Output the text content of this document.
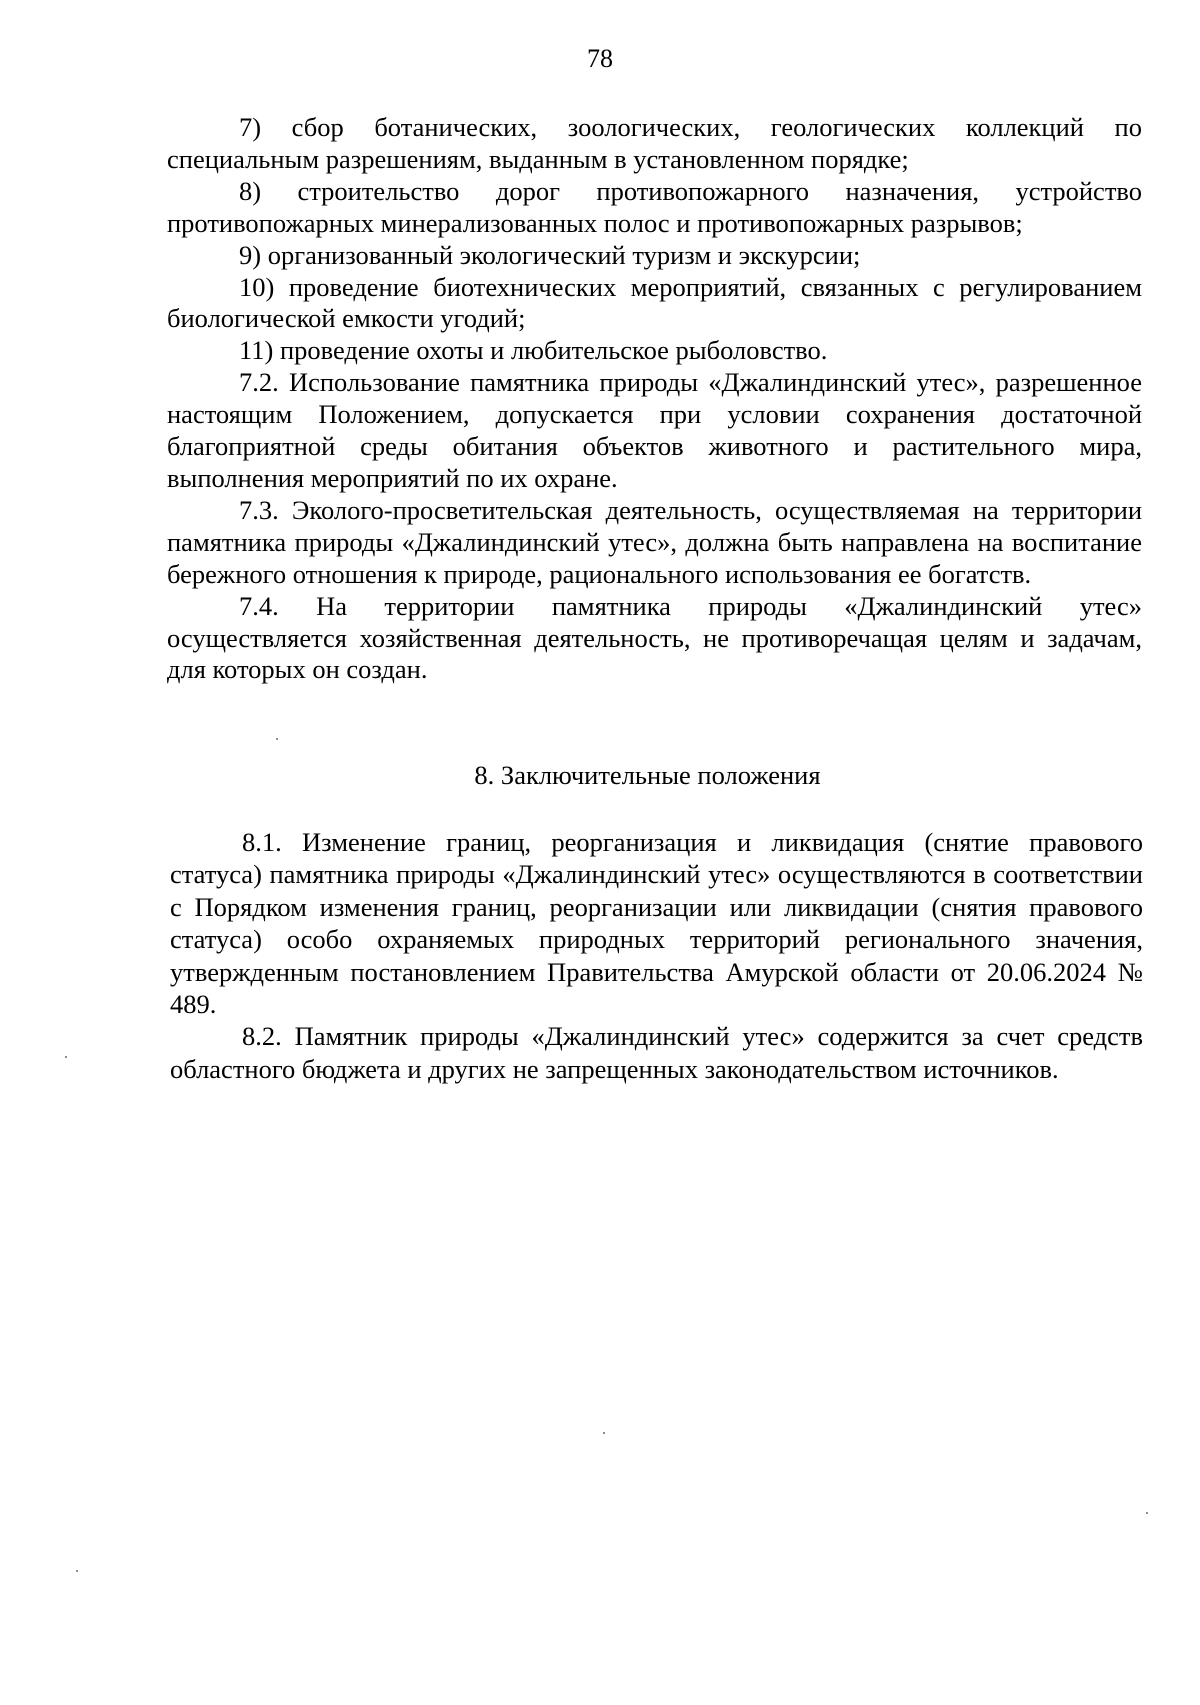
78

7) сбор ботанических, зоологических, геологических коллекций по специальным разрешениям, выданным в установленном порядке;

8) строительство дорог противопожарного назначения, устройство противопожарных минерализованных полос и противопожарных разрывов;

9) организованный экологический туризм и экскурсии;

10) проведение биотехнических мероприятий, связанных с регулированием биологической емкости угодий;

11) проведение охоты и любительское рыболовство.

7.2. Использование памятника природы «Джалиндинский утес», разрешенное настоящим Положением, допускается при условии сохранения достаточной благоприятной среды обитания объектов животного и растительного мира, выполнения мероприятий по их охране.

7.3. Эколого-просветительская деятельность, осуществляемая на территории памятника природы «Джалиндинский утес», должна быть направлена на воспитание бережного отношения к природе, рационального использования ее богатств.

7.4. На территории памятника природы «Джалиндинский утес» осуществляется хозяйственная деятельность, не противоречащая целям и задачам, для которых он создан.

8. Заключительные положения

8.1. Изменение границ, реорганизация и ликвидация (снятие правового статуса) памятника природы «Джалиндинский утес» осуществляются в соответствии с Порядком изменения границ, реорганизации или ликвидации (снятия правового статуса) особо охраняемых природных территорий регионального значения, утвержденным постановлением Правительства Амурской области от 20.06.2024 № 489.

8.2. Памятник природы «Джалиндинский утес» содержится за счет средств областного бюджета и других не запрещенных законодательством источников.
